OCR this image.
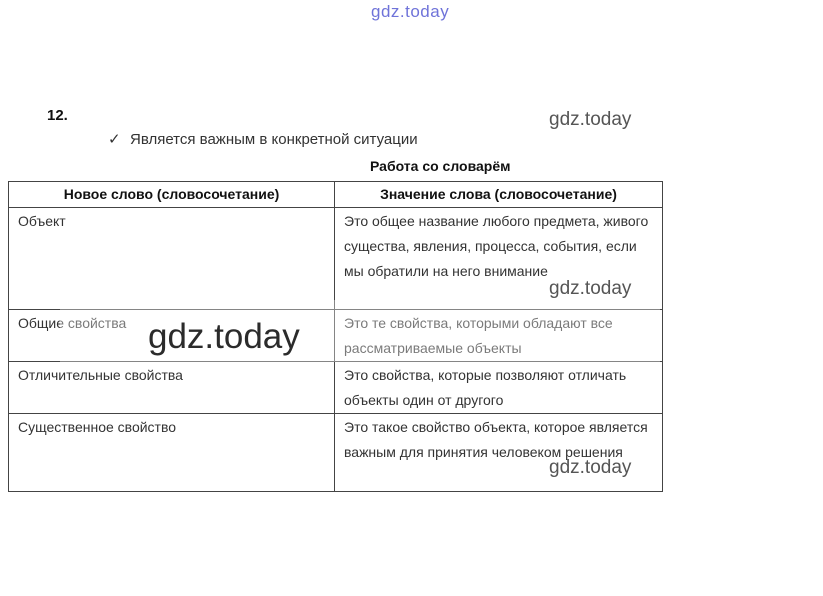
gdz.today
12.
✓ Является важным в конкретной ситуации
gdz.today
Работа со словарём
Новое слово (словосочетание)	Значение слова (словосочетание)
Объект	Это общее название любого предмета, живого существа, явления, процесса, события, если мы обратили на него внимание
Общие свойства	Это те свойства, которыми обладают все рассматриваемые объекты
Отличительные свойства	Это свойства, которые позволяют отличать объекты один от другого
Существенное свойство	Это такое свойство объекта, которое является важным для принятия человеком решения
gdz.today
gdz.today
gdz.today
